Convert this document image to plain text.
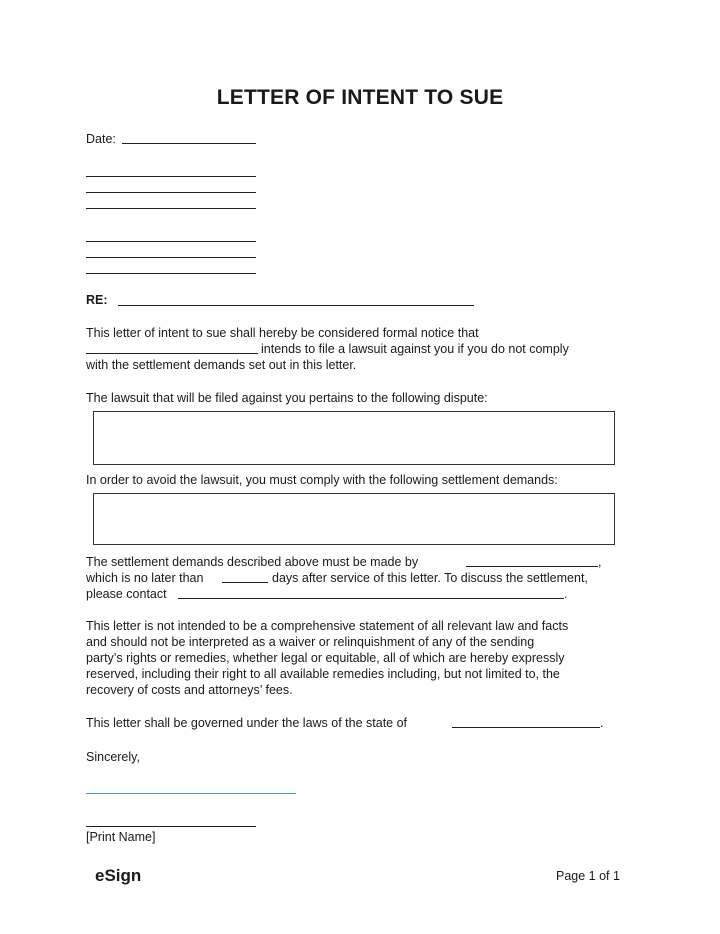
LETTER OF INTENT TO SUE
Date:
RE:
This letter of intent to sue shall hereby be considered formal notice that
intends to file a lawsuit against you if you do not comply
with the settlement demands set out in this letter.
The lawsuit that will be filed against you pertains to the following dispute:
In order to avoid the lawsuit, you must comply with the following settlement demands:
The settlement demands described above must be made by	,
which is no later than	days after service of this letter. To discuss the settlement,
please contact	.
This letter is not intended to be a comprehensive statement of all relevant law and facts
and should not be interpreted as a waiver or relinquishment of any of the sending
party’s rights or remedies, whether legal or equitable, all of which are hereby expressly
reserved, including their right to all available remedies including, but not limited to, the
recovery of costs and attorneys’ fees.
This letter shall be governed under the laws of the state of	.
Sincerely,
[Print Name]
eSign	Page 1 of 1
